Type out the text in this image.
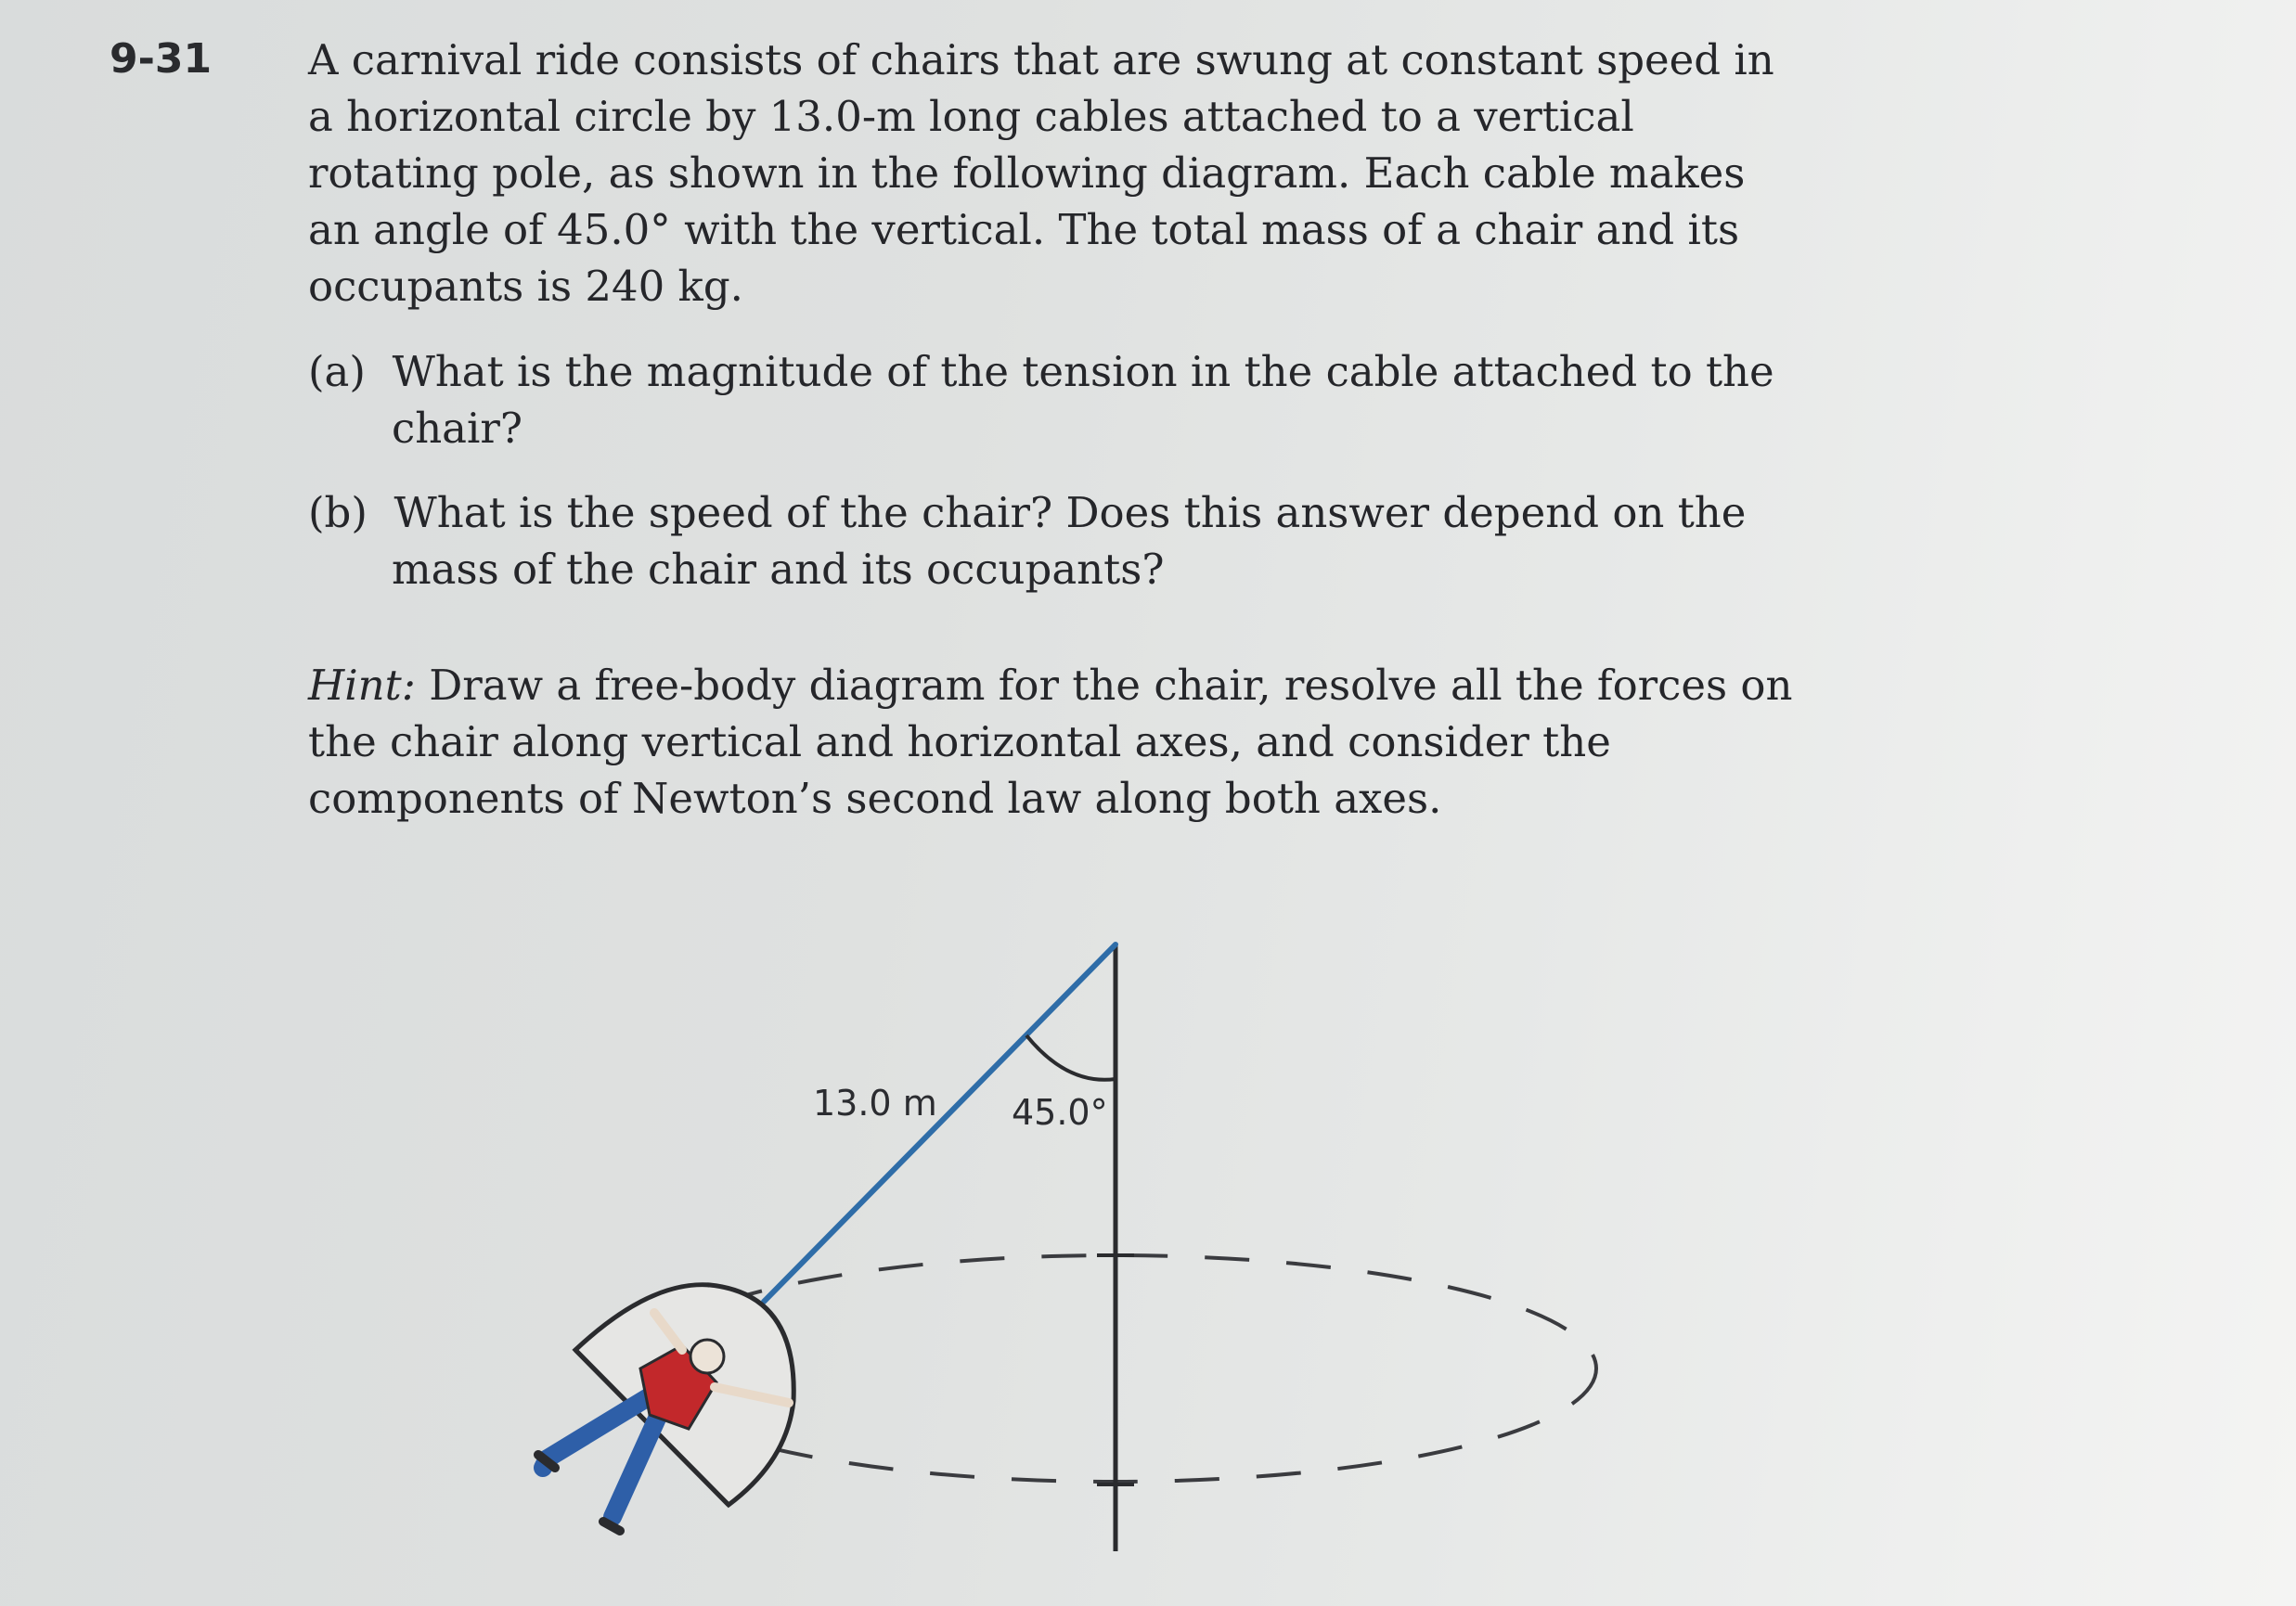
9-31 A carnival ride consists of chairs that are swung at constant speed in a horizontal circle by 13.0-m long cables attached to a vertical rotating pole, as shown in the following diagram. Each cable makes an angle of 45.0° with the vertical. The total mass of a chair and its occupants is 240 kg.
(a) What is the magnitude of the tension in the cable attached to the chair?
(b) What is the speed of the chair? Does this answer depend on the mass of the chair and its occupants?
Hint: Draw a free-body diagram for the chair, resolve all the forces on the chair along vertical and horizontal axes, and consider the components of Newton’s second law along both axes.
13.0 m 45.0°
